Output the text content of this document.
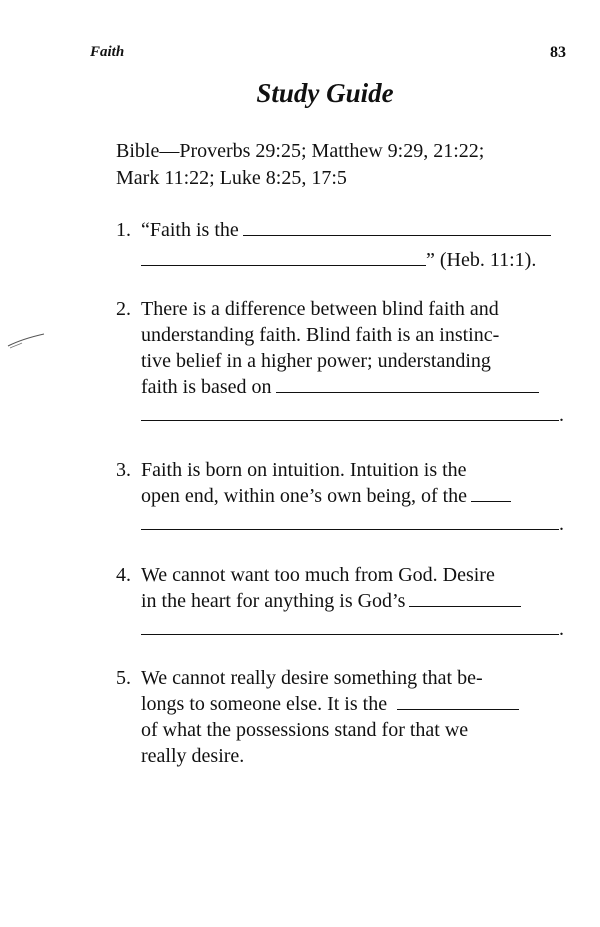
Faith	83
Study Guide
Bible—Proverbs 29:25; Matthew 9:29, 21:22;
Mark 11:22; Luke 8:25, 17:5
1. “Faith is the
” (Heb. 11:1).
2. There is a difference between blind faith and
understanding faith. Blind faith is an instinc-
tive belief in a higher power; understanding
faith is based on
.
3. Faith is born on intuition. Intuition is the
open end, within one’s own being, of the
.
4. We cannot want too much from God. Desire
in the heart for anything is God’s
.
5. We cannot really desire something that be-
longs to someone else. It is the
of what the possessions stand for that we
really desire.
